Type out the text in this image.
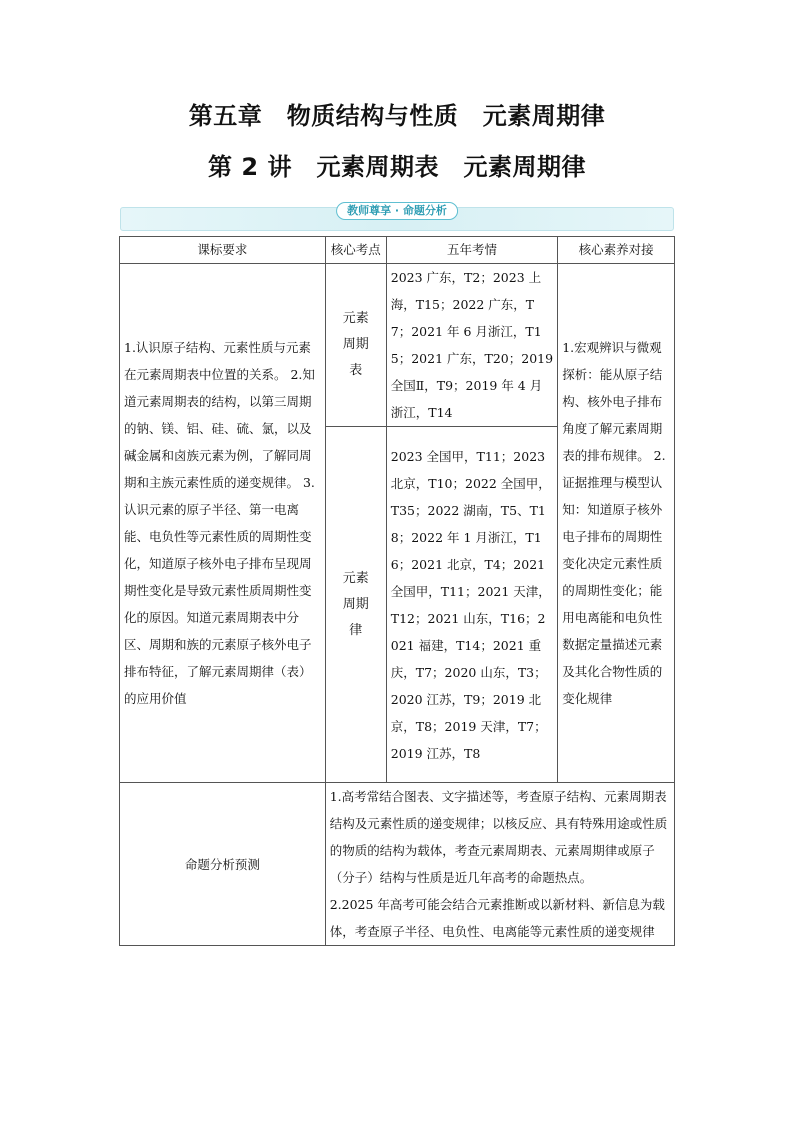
第五章　物质结构与性质　元素周期律
第 2 讲　元素周期表　元素周期律
教师尊享 · 命题分析
课标要求	核心考点	五年考情	核心素养对接
1.认识原子结构、元素性质与元素在元素周期表中位置的关系。 2.知道元素周期表的结构，以第三周期的钠、镁、铝、硅、硫、氯，以及碱金属和卤族元素为例，了解同周期和主族元素性质的递变规律。 3.认识元素的原子半径、第一电离能、电负性等元素性质的周期性变化，知道原子核外电子排布呈现周期性变化是导致元素性质周期性变化的原因。知道元素周期表中分区、周期和族的元素原子核外电子排布特征，了解元素周期律（表）的应用价值	元素周期表	2023 广东，T2；2023 上海，T15；2022 广东，T7；2021 年 6 月浙江，T15；2021 广东，T20；2019 全国Ⅱ，T9；2019 年 4 月浙江，T14	1.宏观辨识与微观探析：能从原子结构、核外电子排布角度了解元素周期表的排布规律。 2.证据推理与模型认知：知道原子核外电子排布的周期性变化决定元素性质的周期性变化；能用电离能和电负性数据定量描述元素及其化合物性质的变化规律
	元素周期律	2023 全国甲，T11；2023 北京，T10；2022 全国甲，T35；2022 湖南，T5、T18；2022 年 1 月浙江，T16；2021 北京，T4；2021 全国甲，T11；2021 天津，T12；2021 山东，T16；2021 福建，T14；2021 重庆，T7；2020 山东，T3；2020 江苏，T9；2019 北京，T8；2019 天津，T7；2019 江苏，T8	
命题分析预测	1.高考常结合图表、文字描述等，考查原子结构、元素周期表结构及元素性质的递变规律；以核反应、具有特殊用途或性质的物质的结构为载体，考查元素周期表、元素周期律或原子（分子）结构与性质是近几年高考的命题热点。

2.2025 年高考可能会结合元素推断或以新材料、新信息为载体，考查原子半径、电负性、电离能等元素性质的递变规律		
